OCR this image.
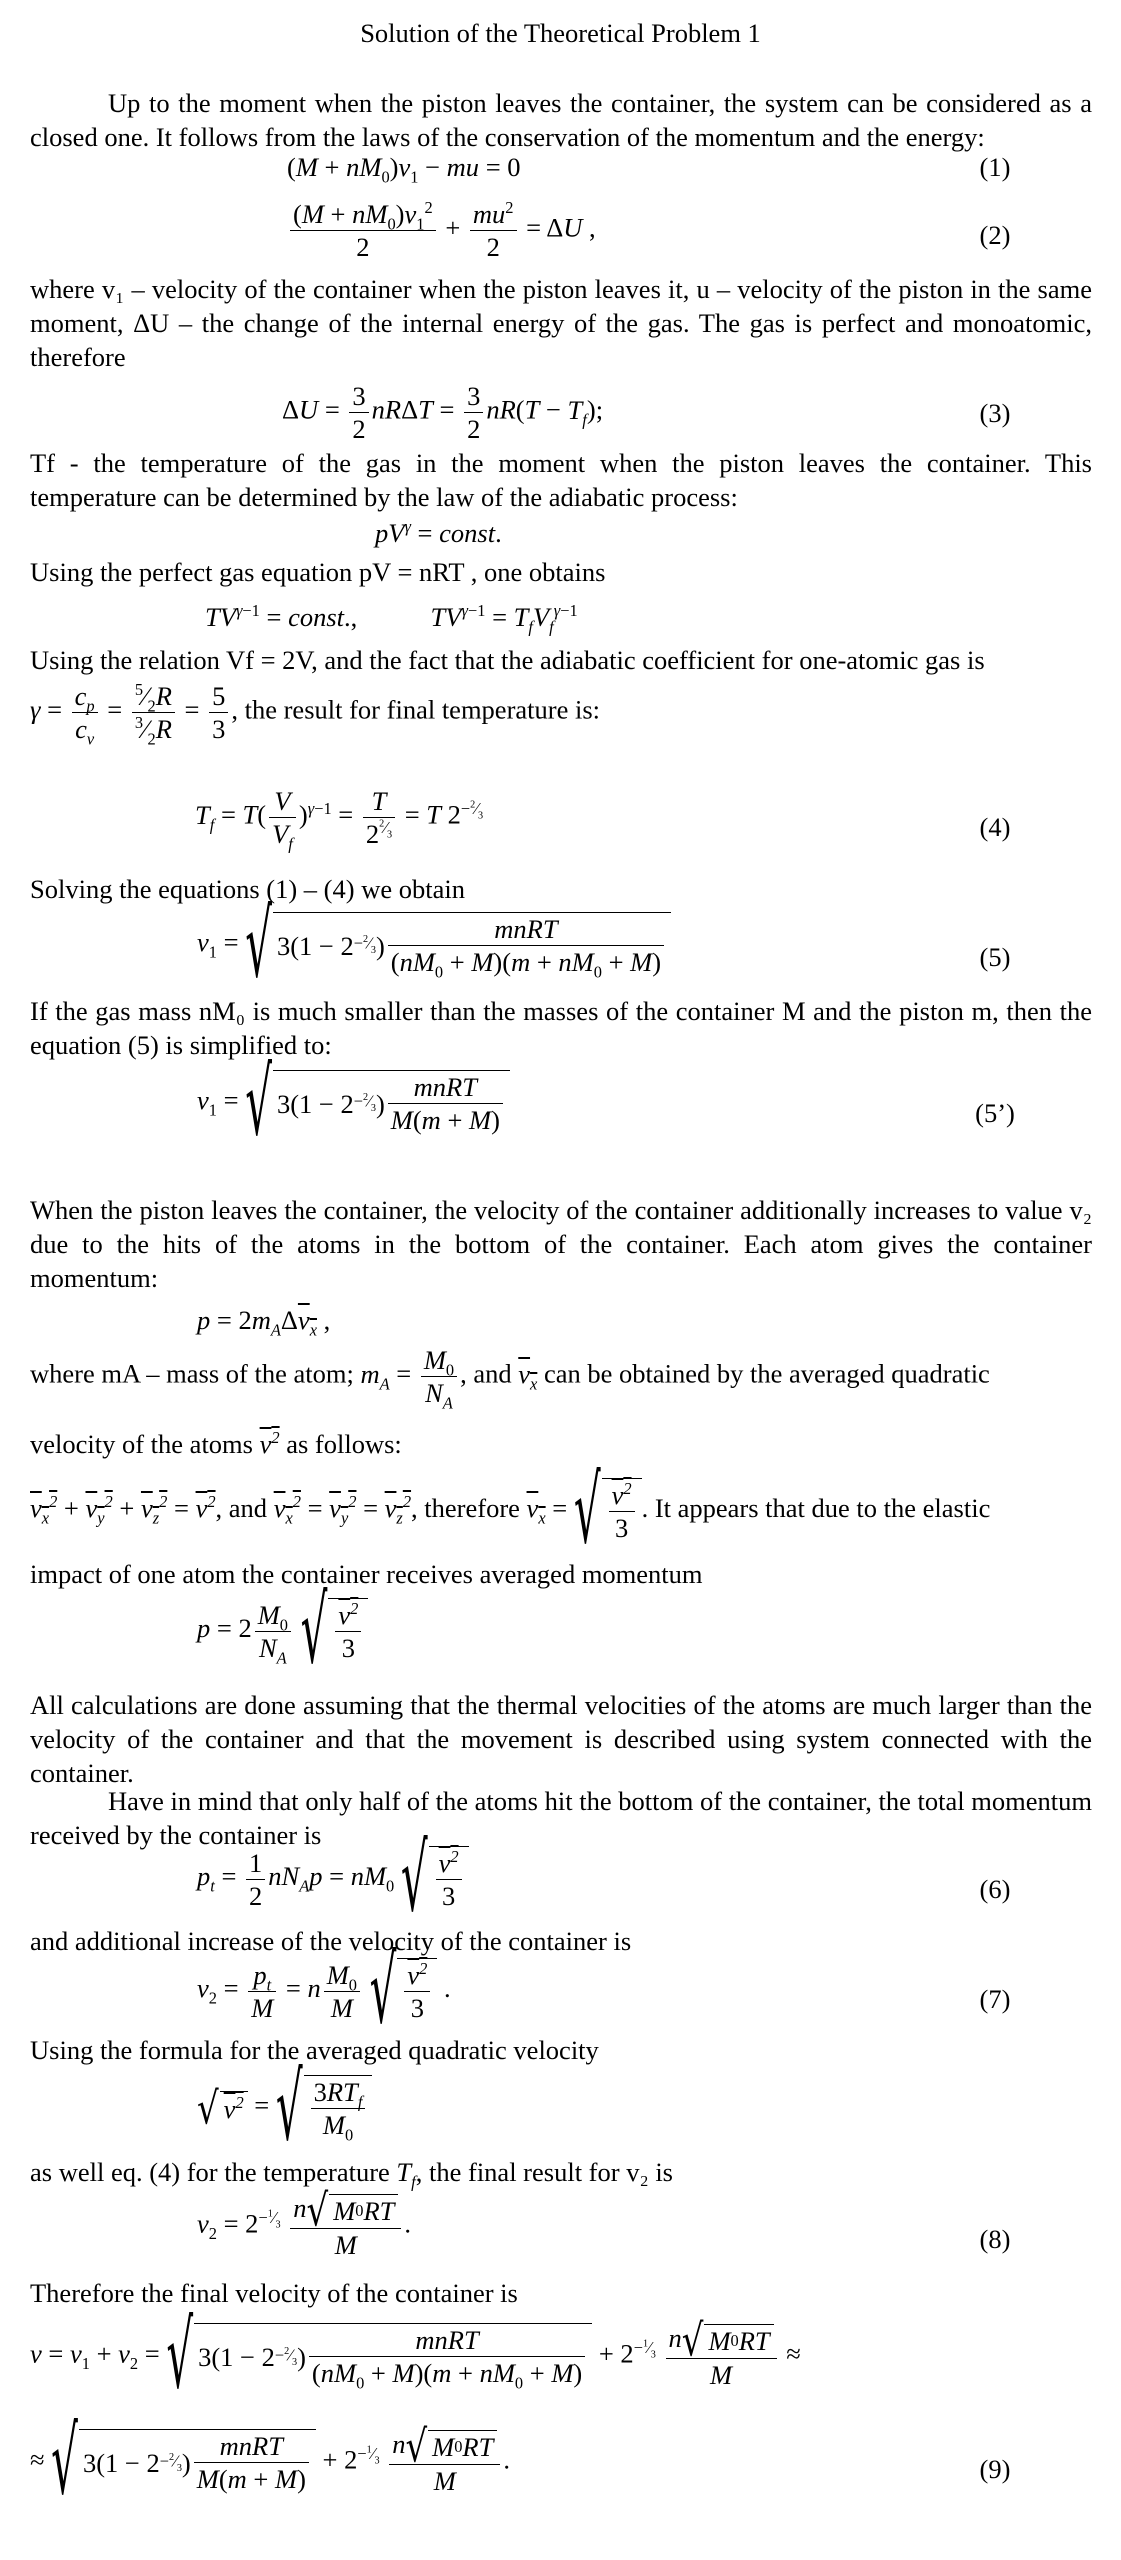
Solution of the Theoretical Problem 1

Up to the moment when the piston leaves the container, the system can be considered as a closed one. It follows from the laws of the conservation of the momentum and the energy:

$(M + nM_0)v_1$ − mu = 0	(1)
$\frac{(M + nM_0)v_1^2}{2} + \frac{mu^2}{2} = \Delta U$ ,	(2)

where v₁ – velocity of the container when the piston leaves it, u – velocity of the piston in the same moment, ΔU – the change of the internal energy of the gas. The gas is perfect and monoatomic, therefore

$\Delta U = \frac{3}{2}$ $nR\Delta T = \frac{3}{2} nR(T - T_f)$;	(3)

Tf - the temperature of the gas in the moment when the piston leaves the container. This temperature can be determined by the law of the adiabatic process:

$pV^\gamma$ = const.

Using the perfect gas equation pV = nRT , one obtains

$TV^{\gamma-1}$ = const.,	$TV^{\gamma-1} = T_fV_f^{\gamma-1}$

Using the relation Vf = 2V, and the fact that the adiabatic coefficient for one-atomic gas is

$\gamma = \frac{c_p}{c_v} = \frac{^5⁄_2R}{^3⁄_2R} = \frac{5}{3}$ , the result for final temperature is:
$T_f = T( \frac{V}{V_f} )^{\gamma-1} = \frac{T}{2^{^2⁄_3}} = T$ $2^{-^2⁄_3}$	(4)

Solving the equations (1) – (4) we obtain

$v_1$ = √ $3(1 - 2 -^2⁄_3$ ) $\frac{\text{mnRT}}{(nM_0 + M)(m + nM_0 + M)}$	(5)

If the gas mass nM₀ is much smaller than the masses of the container M and the piston m, then the equation (5) is simplified to:

$v_1$ = √ $3(1 - 2 -^2⁄_3$ ) $\frac{\text{mnRT}}{M(m + M)}$	(5’)

When the piston leaves the container, the velocity of the container additionally increases to value v₂ due to the hits of the atoms in the bottom of the container. Each atom gives the container momentum:

$p = 2m_A\Delta v_x$ ,
where mA – mass of the atom; $m_A = \frac{M_0}{N_A}$ , and $v_x$ can be obtained by the averaged quadratic
velocity of the atoms $v^2$ as follows:
$v_x^2 + v_y^2 + v_z^2 = v^2$, and $v_x^2 = v_y^2 = v_z^2$, therefore $v_x$ = √ $\frac{v^2}{3}$ . It appears that due to the elastic

impact of one atom the container receives averaged momentum

$p = 2 \frac{M_0}{N_A}$
√ $\frac{v^2}{3}$

All calculations are done assuming that the thermal velocities of the atoms are much larger than the velocity of the container and that the movement is described using system connected with the container.

Have in mind that only half of the atoms hit the bottom of the container, the total momentum received by the container is

$p_t = \frac{1}{2} nN_Ap = nM_0$ √ $\frac{v^2}{3}$	(6)

and additional increase of the velocity of the container is

$v_2 = \frac{p_t}{M} = n \frac{M_0}{M}$
√ $\frac{v^2}{3}$ .	(7)

Using the formula for the averaged quadratic velocity

√ $v^2$ = √ $\frac{3RT_f}{M_0}$
as well eq. (4) for the temperature $T_f$, the final result for v₂ is
$v_2 = 2^{-^1⁄_3} \frac{n √ M 0 RT}{M}$ .
(8)

Therefore the final velocity of the container is

$v = v_1 + v_2$ = √ $3(1 - 2 -^2⁄_3$ ) $\frac{\text{mnRT}}{(nM_0 + M)(m + nM_0 + M)} + 2^{-^1⁄_3} \frac{n √ M 0 RT}{M}$ ≈
≈ √ $3(1 - 2 -^2⁄_3$ ) $\frac{\text{mnRT}}{M(m + M)} + 2^{-^1⁄_3} \frac{n √ M 0 RT}{M}$ .	(9)
